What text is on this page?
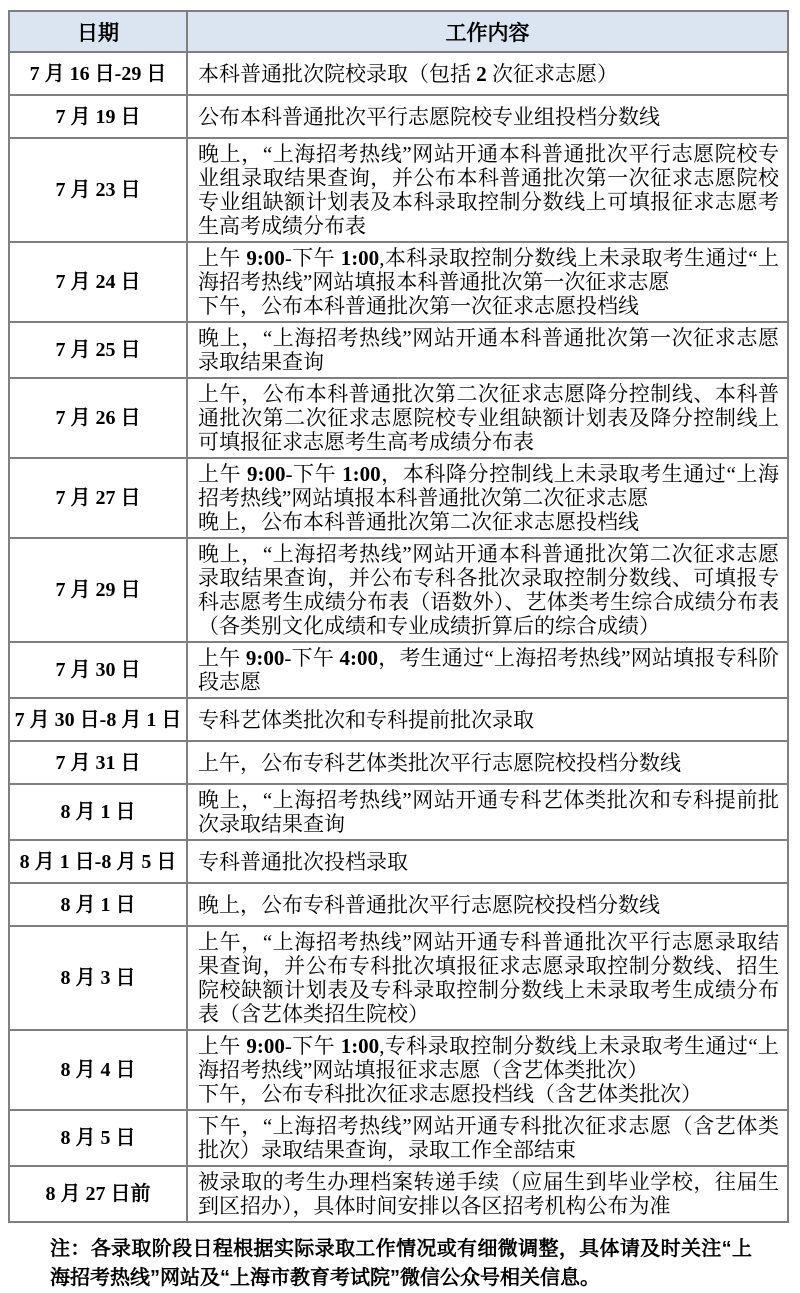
日期	工作内容
7 月 16 日-29 日	本科普通批次院校录取（包括 2 次征求志愿）

7 月 19 日	公布本科普通批次平行志愿院校专业组投档分数线

7 月 23 日	晚上，“上海招考热线”网站开通本科普通批次平行志愿院校专业组录取结果查询，并公布本科普通批次第一次征求志愿院校专业组缺额计划表及本科录取控制分数线上可填报征求志愿考生高考成绩分布表

7 月 24 日	上午 9:00-下午 1:00,本科录取控制分数线上未录取考生通过“上海招考热线”网站填报本科普通批次第一次征求志愿
下午，公布本科普通批次第一次征求志愿投档线

7 月 25 日	晚上，“上海招考热线”网站开通本科普通批次第一次征求志愿录取结果查询

7 月 26 日	上午，公布本科普通批次第二次征求志愿降分控制线、本科普通批次第二次征求志愿院校专业组缺额计划表及降分控制线上可填报征求志愿考生高考成绩分布表

7 月 27 日	上午 9:00-下午 1:00，本科降分控制线上未录取考生通过“上海招考热线”网站填报本科普通批次第二次征求志愿
晚上，公布本科普通批次第二次征求志愿投档线

7 月 29 日	晚上，“上海招考热线”网站开通本科普通批次第二次征求志愿录取结果查询，并公布专科各批次录取控制分数线、可填报专科志愿考生成绩分布表（语数外）、艺体类考生综合成绩分布表（各类别文化成绩和专业成绩折算后的综合成绩）

7 月 30 日	上午 9:00-下午 4:00，考生通过“上海招考热线”网站填报专科阶段志愿

7 月 30 日-8 月 1 日	专科艺体类批次和专科提前批次录取

7 月 31 日	上午，公布专科艺体类批次平行志愿院校投档分数线

8 月 1 日	晚上，“上海招考热线”网站开通专科艺体类批次和专科提前批次录取结果查询

8 月 1 日-8 月 5 日	专科普通批次投档录取

8 月 1 日	晚上，公布专科普通批次平行志愿院校投档分数线

8 月 3 日	上午，“上海招考热线”网站开通专科普通批次平行志愿录取结果查询，并公布专科批次填报征求志愿录取控制分数线、招生院校缺额计划表及专科录取控制分数线上未录取考生成绩分布表（含艺体类招生院校）

8 月 4 日	上午 9:00-下午 1:00,专科录取控制分数线上未录取考生通过“上海招考热线”网站填报征求志愿（含艺体类批次）
下午，公布专科批次征求志愿投档线（含艺体类批次）

8 月 5 日	下午，“上海招考热线”网站开通专科批次征求志愿（含艺体类批次）录取结果查询，录取工作全部结束

8 月 27 日前	被录取的考生办理档案转递手续（应届生到毕业学校，往届生到区招办），具体时间安排以各区招考机构公布为准

注：各录取阶段日程根据实际录取工作情况或有细微调整，具体请及时关注“上海招考热线”网站及“上海市教育考试院”微信公众号相关信息。
